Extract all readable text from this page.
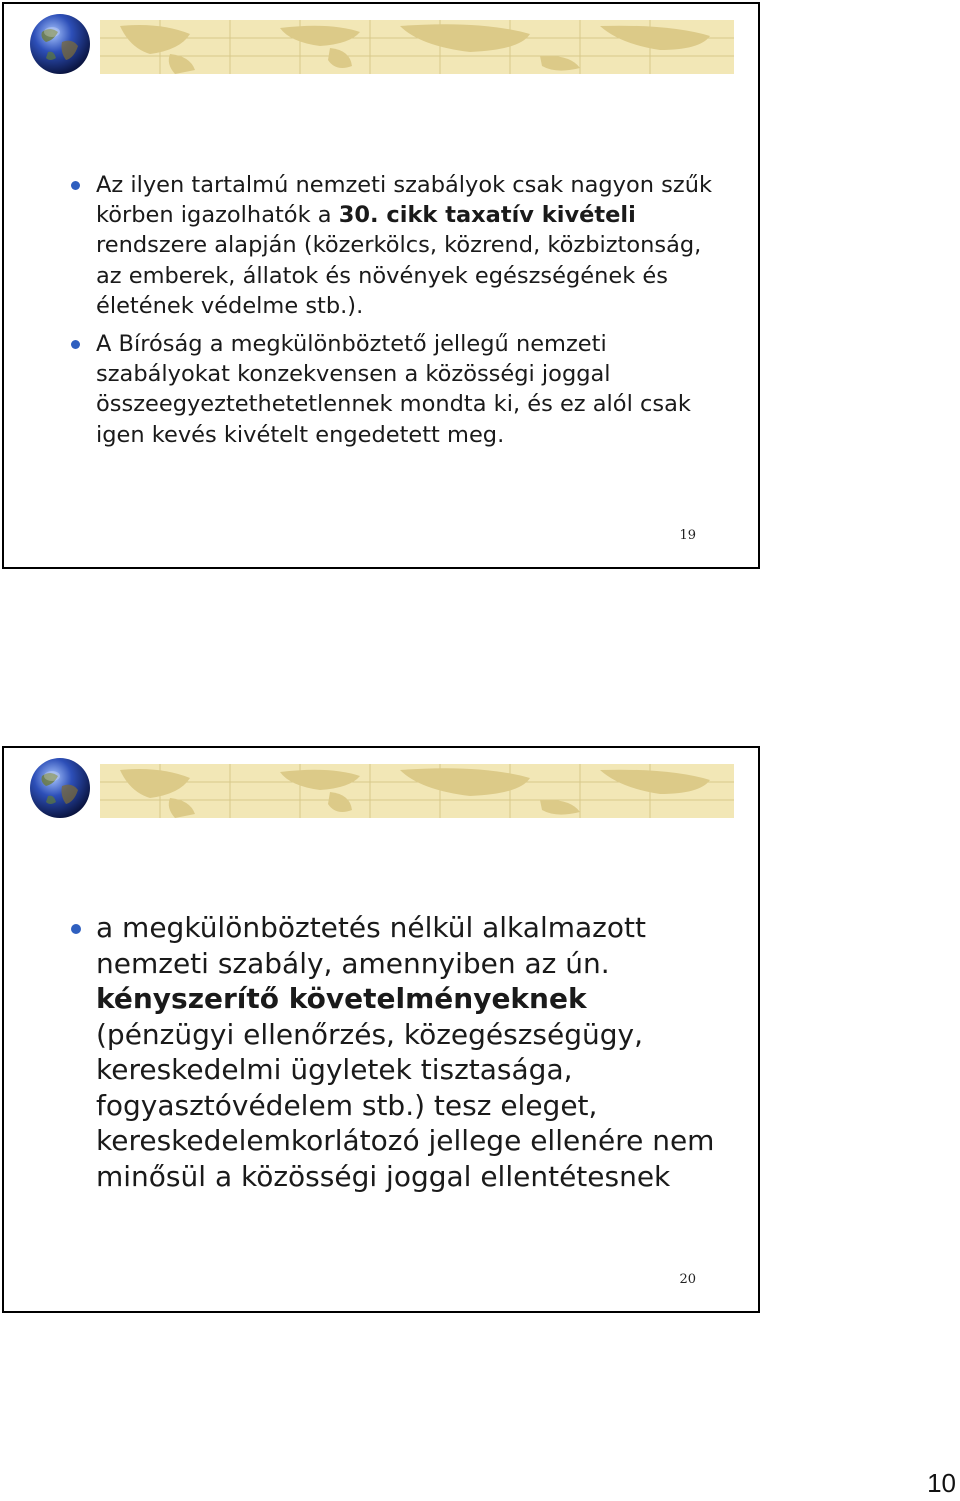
Az ilyen tartalmú nemzeti szabályok csak nagyon szűk körben igazolhatók a 30. cikk taxatív kivételi rendszere alapján (közerkölcs, közrend, közbiztonság, az emberek, állatok és növények egészségének és életének védelme stb.).
A Bíróság a megkülönböztető jellegű nemzeti szabályokat konzekvensen a közösségi joggal összeegyeztethetetlennek mondta ki, és ez alól csak igen kevés kivételt engedetett meg.
19
a megkülönböztetés nélkül alkalmazott nemzeti szabály, amennyiben az ún. kényszerítő követelményeknek (pénzügyi ellenőrzés, közegészségügy, kereskedelmi ügyletek tisztasága, fogyasztóvédelem stb.) tesz eleget, kereskedelemkorlátozó jellege ellenére nem minősül a közösségi joggal ellentétesnek
20
10
